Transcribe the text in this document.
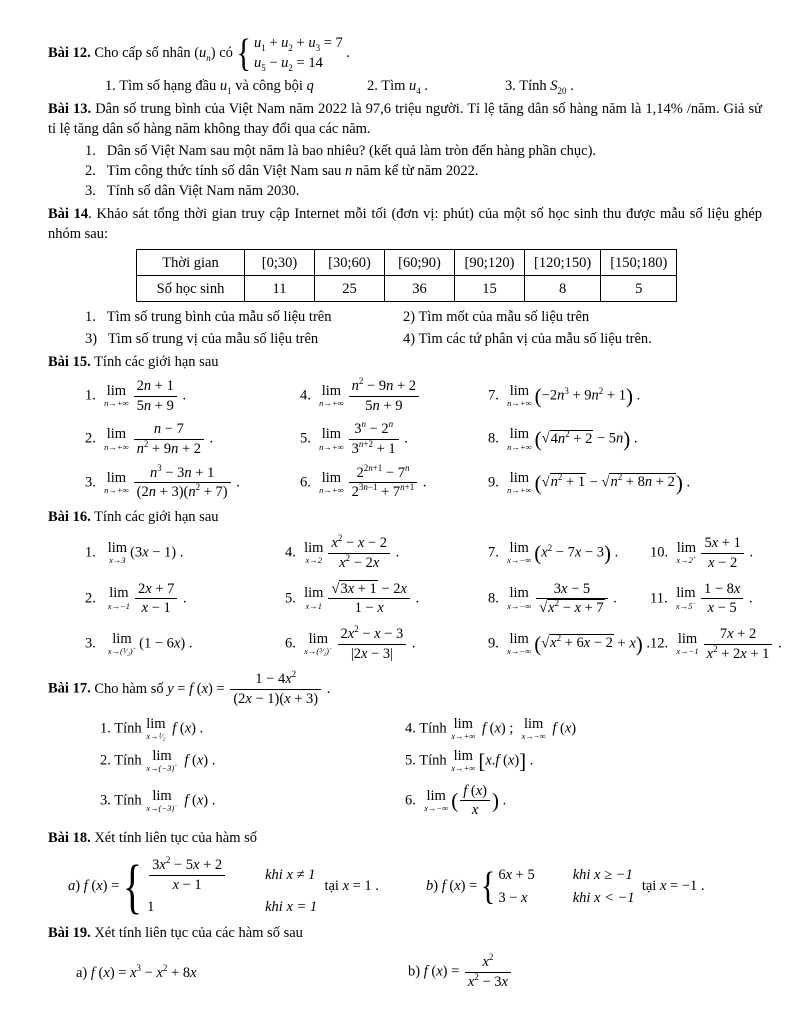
Bài 12. Cho cấp số nhân $(u_n)$ có { $u_1 + u_2 + u_3 = 7$
$u_5 - u_2 = 14$
.
1. Tìm số hạng đầu $u_1$ và công bội q	2. Tìm $u_4$ .	3. Tính $S_{20}$ .
Bài 13. Dân số trung bình của Việt Nam năm 2022 là 97,6 triệu người. Tỉ lệ tăng dân số hàng năm là 1,14% /năm. Giả sử tỉ lệ tăng dân số hàng năm không thay đổi qua các năm.
1.   Dân số Việt Nam sau một năm là bao nhiêu? (kết quả làm tròn đến hàng phần chục).
2.   Tìm công thức tính số dân Việt Nam sau n năm kể từ năm 2022.
3.   Tính số dân Việt Nam năm 2030.
Bài 14. Khảo sát tổng thời gian truy cập Internet mỗi tối (đơn vị: phút) của một số học sinh thu được mẫu số liệu ghép nhóm sau:
Thời gian	[0;30)	[30;60)	[60;90)	[90;120)	[120;150)	[150;180)
Số học sinh	11	25	36	15	8	5
1.   Tìm số trung bình của mẫu số liệu trên	2) Tìm mốt của mẫu số liệu trên
3)   Tìm số trung vị của mẫu số liệu trên	4) Tìm các tứ phân vị của mẫu số liệu trên.
Bài 15. Tính các giới hạn sau
1.  lim
$n\to+\infty \frac{2n + 1}{5n + 9}$ .	4.  lim
$n\to+\infty \frac{n^2 - 9n + 2}{5n + 9}$	7.  lim
n→+∞ $(-2n^3 + 9n^2 + 1)$ .
2.  lim
$n\to+\infty \frac{n - 7}{n^2 + 9n + 2}$ .	5.  lim
$n\to+\infty \frac{3^n - 2^n}{3^{n+2} + 1}$ .	8.  lim
n→+∞ $(√4n^2 + 2 - 5n)$ .
3.  lim
$n\to+\infty \frac{n^3 - 3n + 1}{(2n + 3)(n^2 + 7)}$ .	6.  lim
$n\to+\infty \frac{2^{2n+1} - 7^n}{2^{3n-1} + 7^{n+1}}$ .	9.  lim
n→+∞ $(√n^2 + 1 - √n^2 + 8n + 2)$ .
Bài 16. Tính các giới hạn sau
1.   lim
x→3 (3x − 1) .	4.  lim
$x\to 2 \frac{x^2 - x - 2}{x^2 - 2x}$ .	7.  lim
x→−∞ $(x^2 - 7x - 3)$ .	10.  lim
$x\to 2^+ \frac{5x + 1}{x - 2}$ .
2.   lim
$x\to-1 \frac{2x + 7}{x - 1}$ .	5.  lim
$x\to 1 \frac{√3x + 1 - 2x}{1 - x}$ .	8.  lim
$x\to-\infty \frac{3x - 5}{√x^2 - x + 7}$ .	11.  lim
$x\to 5^- \frac{1 - 8x}{x - 5}$ .
3.   lim
x→(¹⁄₂)+ (1 − 6x) .	6.  lim
x→(³⁄₂)− $\frac{2x^2 - x - 3}{|2x - 3|}$ .	9.  lim
x→−∞ $(√x^2 + 6x - 2 + x)$ . 12.  lim
$x\to-1 \frac{7x + 2}{x^2 + 2x + 1}$ .
Bài 17. Cho hàm số y = f $(x) = \frac{1 - 4x^2}{(2x - 1)(x + 3)}$ .
1. Tính lim
x→¹⁄₂ f (x) .	4. Tính lim
x→+∞ f (x) ;  lim
x→−∞ f (x)
2. Tính lim
x→(−3)+ f (x) .	5. Tính lim
x→+∞ [x.f (x)] .
3. Tính lim
x→(−3)− f (x) .	6.  lim
x→−∞ ( $\frac{f (x)}{x}$ ) .
Bài 18. Xét tính liên tục của hàm số
a) f (x) = { $\frac{3x^2 - 5x + 2}{x - 1}$	khi x ≠ 1
1	khi x = 1
tại x = 1 .	b) f (x) = { 6x + 5	khi x ≥ −1
3 − x	khi x < −1
tại x = −1 .
Bài 19. Xét tính liên tục của các hàm số sau
a) f $(x) = x^3 - x^2 + 8x$	b) f $(x) = \frac{x^2}{x^2 - 3x}$
